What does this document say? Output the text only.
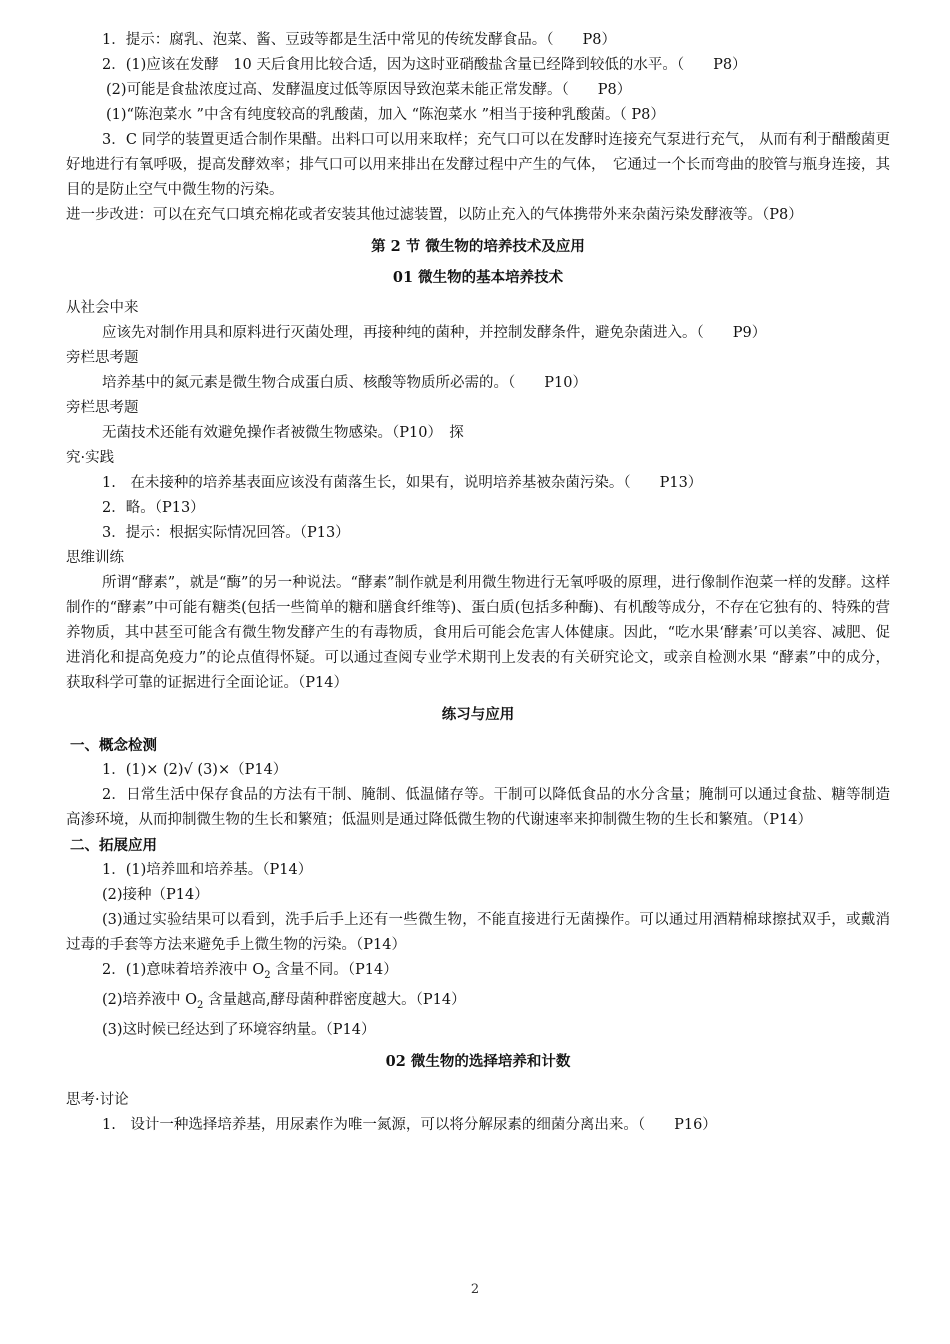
1．提示：腐乳、泡菜、酱、豆豉等都是生活中常见的传统发酵食品。（　　P8）

2．(1)应该在发酵　10 天后食用比较合适，因为这时亚硝酸盐含量已经降到较低的水平。（　　P8）

(2)可能是食盐浓度过高、发酵温度过低等原因导致泡菜未能正常发酵。（　　P8）

(1)“陈泡菜水 ”中含有纯度较高的乳酸菌，加入 “陈泡菜水 ”相当于接种乳酸菌。（ P8）

3．C 同学的装置更适合制作果醋。出料口可以用来取样；充气口可以在发酵时连接充气泵进行充气， 从而有利于醋酸菌更好地进行有氧呼吸，提高发酵效率；排气口可以用来排出在发酵过程中产生的气体，　它通过一个长而弯曲的胶管与瓶身连接，其目的是防止空气中微生物的污染。

进一步改进：可以在充气口填充棉花或者安装其他过滤装置，以防止充入的气体携带外来杂菌污染发酵液等。（P8）

第 2 节 微生物的培养技术及应用

01 微生物的基本培养技术

从社会中来

应该先对制作用具和原料进行灭菌处理，再接种纯的菌种，并控制发酵条件，避免杂菌进入。（　　P9）

旁栏思考题

培养基中的氮元素是微生物合成蛋白质、核酸等物质所必需的。（　　P10）

旁栏思考题

无菌技术还能有效避免操作者被微生物感染。（P10）　探

究·实践

1.　在未接种的培养基表面应该没有菌落生长，如果有，说明培养基被杂菌污染。（　　P13）

2．略。（P13）

3．提示：根据实际情况回答。（P13）

思维训练

所谓“酵素”，就是“酶”的另一种说法。“酵素”制作就是利用微生物进行无氧呼吸的原理，进行像制作泡菜一样的发酵。这样制作的“酵素”中可能有糖类(包括一些简单的糖和膳食纤维等)、蛋白质(包括多种酶)、有机酸等成分，不存在它独有的、特殊的营养物质，其中甚至可能含有微生物发酵产生的有毒物质，食用后可能会危害人体健康。因此，“吃水果‘酵素’可以美容、减肥、促进消化和提高免疫力”的论点值得怀疑。可以通过查阅专业学术期刊上发表的有关研究论文，或亲自检测水果 “酵素”中的成分，获取科学可靠的证据进行全面论证。（P14）

练习与应用

一、概念检测

1．(1)× (2)√ (3)×（P14）

2．日常生活中保存食品的方法有干制、腌制、低温储存等。干制可以降低食品的水分含量；腌制可以通过食盐、糖等制造高渗环境，从而抑制微生物的生长和繁殖；低温则是通过降低微生物的代谢速率来抑制微生物的生长和繁殖。（P14）

二、拓展应用

1．(1)培养皿和培养基。（P14）

(2)接种（P14）

(3)通过实验结果可以看到，洗手后手上还有一些微生物，不能直接进行无菌操作。可以通过用酒精棉球擦拭双手，或戴消过毒的手套等方法来避免手上微生物的污染。（P14）

2．(1)意味着培养液中 $O_2$ 含量不同。（P14）

(2)培养液中 $O_2$ 含量越高,酵母菌种群密度越大。（P14）

(3)这时候已经达到了环境容纳量。（P14）

02 微生物的选择培养和计数

思考·讨论

1.　设计一种选择培养基，用尿素作为唯一氮源，可以将分解尿素的细菌分离出来。（　　P16）

2
